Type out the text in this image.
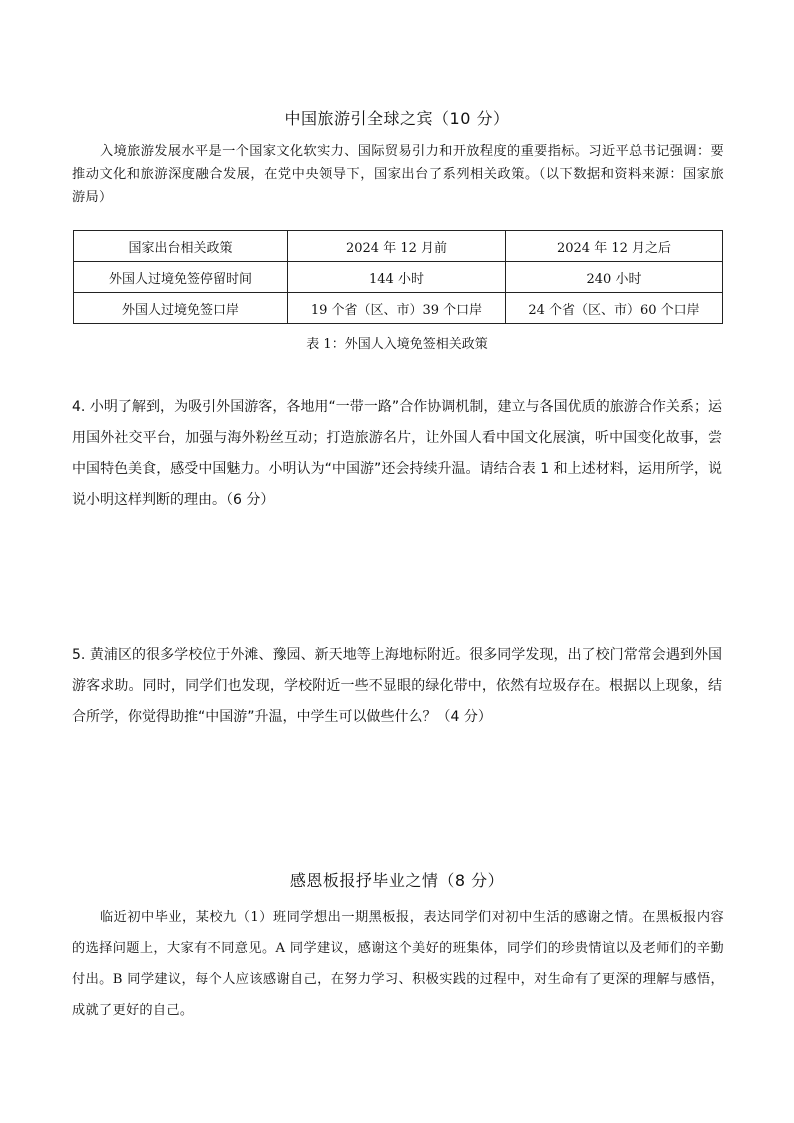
中国旅游引全球之宾（10 分）
入境旅游发展水平是一个国家文化软实力、国际贸易引力和开放程度的重要指标。习近平总书记强调：要推动文化和旅游深度融合发展，在党中央领导下，国家出台了系列相关政策。（以下数据和资料来源：国家旅游局）
国家出台相关政策	2024 年 12 月前	2024 年 12 月之后
外国人过境免签停留时间	144 小时	240 小时
外国人过境免签口岸	19 个省（区、市）39 个口岸	24 个省（区、市）60 个口岸
表 1：外国人入境免签相关政策
4. 小明了解到，为吸引外国游客，各地用“一带一路”合作协调机制，建立与各国优质的旅游合作关系；运用国外社交平台，加强与海外粉丝互动；打造旅游名片，让外国人看中国文化展演，听中国变化故事，尝中国特色美食，感受中国魅力。小明认为“中国游”还会持续升温。请结合表 1 和上述材料，运用所学，说说小明这样判断的理由。（6 分）
5. 黄浦区的很多学校位于外滩、豫园、新天地等上海地标附近。很多同学发现，出了校门常常会遇到外国游客求助。同时，同学们也发现，学校附近一些不显眼的绿化带中，依然有垃圾存在。根据以上现象，结合所学，你觉得助推“中国游”升温，中学生可以做些什么？（4 分）
感恩板报抒毕业之情（8 分）
临近初中毕业，某校九（1）班同学想出一期黑板报，表达同学们对初中生活的感谢之情。在黑板报内容的选择问题上，大家有不同意见。A 同学建议，感谢这个美好的班集体，同学们的珍贵情谊以及老师们的辛勤付出。B 同学建议，每个人应该感谢自己，在努力学习、积极实践的过程中，对生命有了更深的理解与感悟，成就了更好的自己。
